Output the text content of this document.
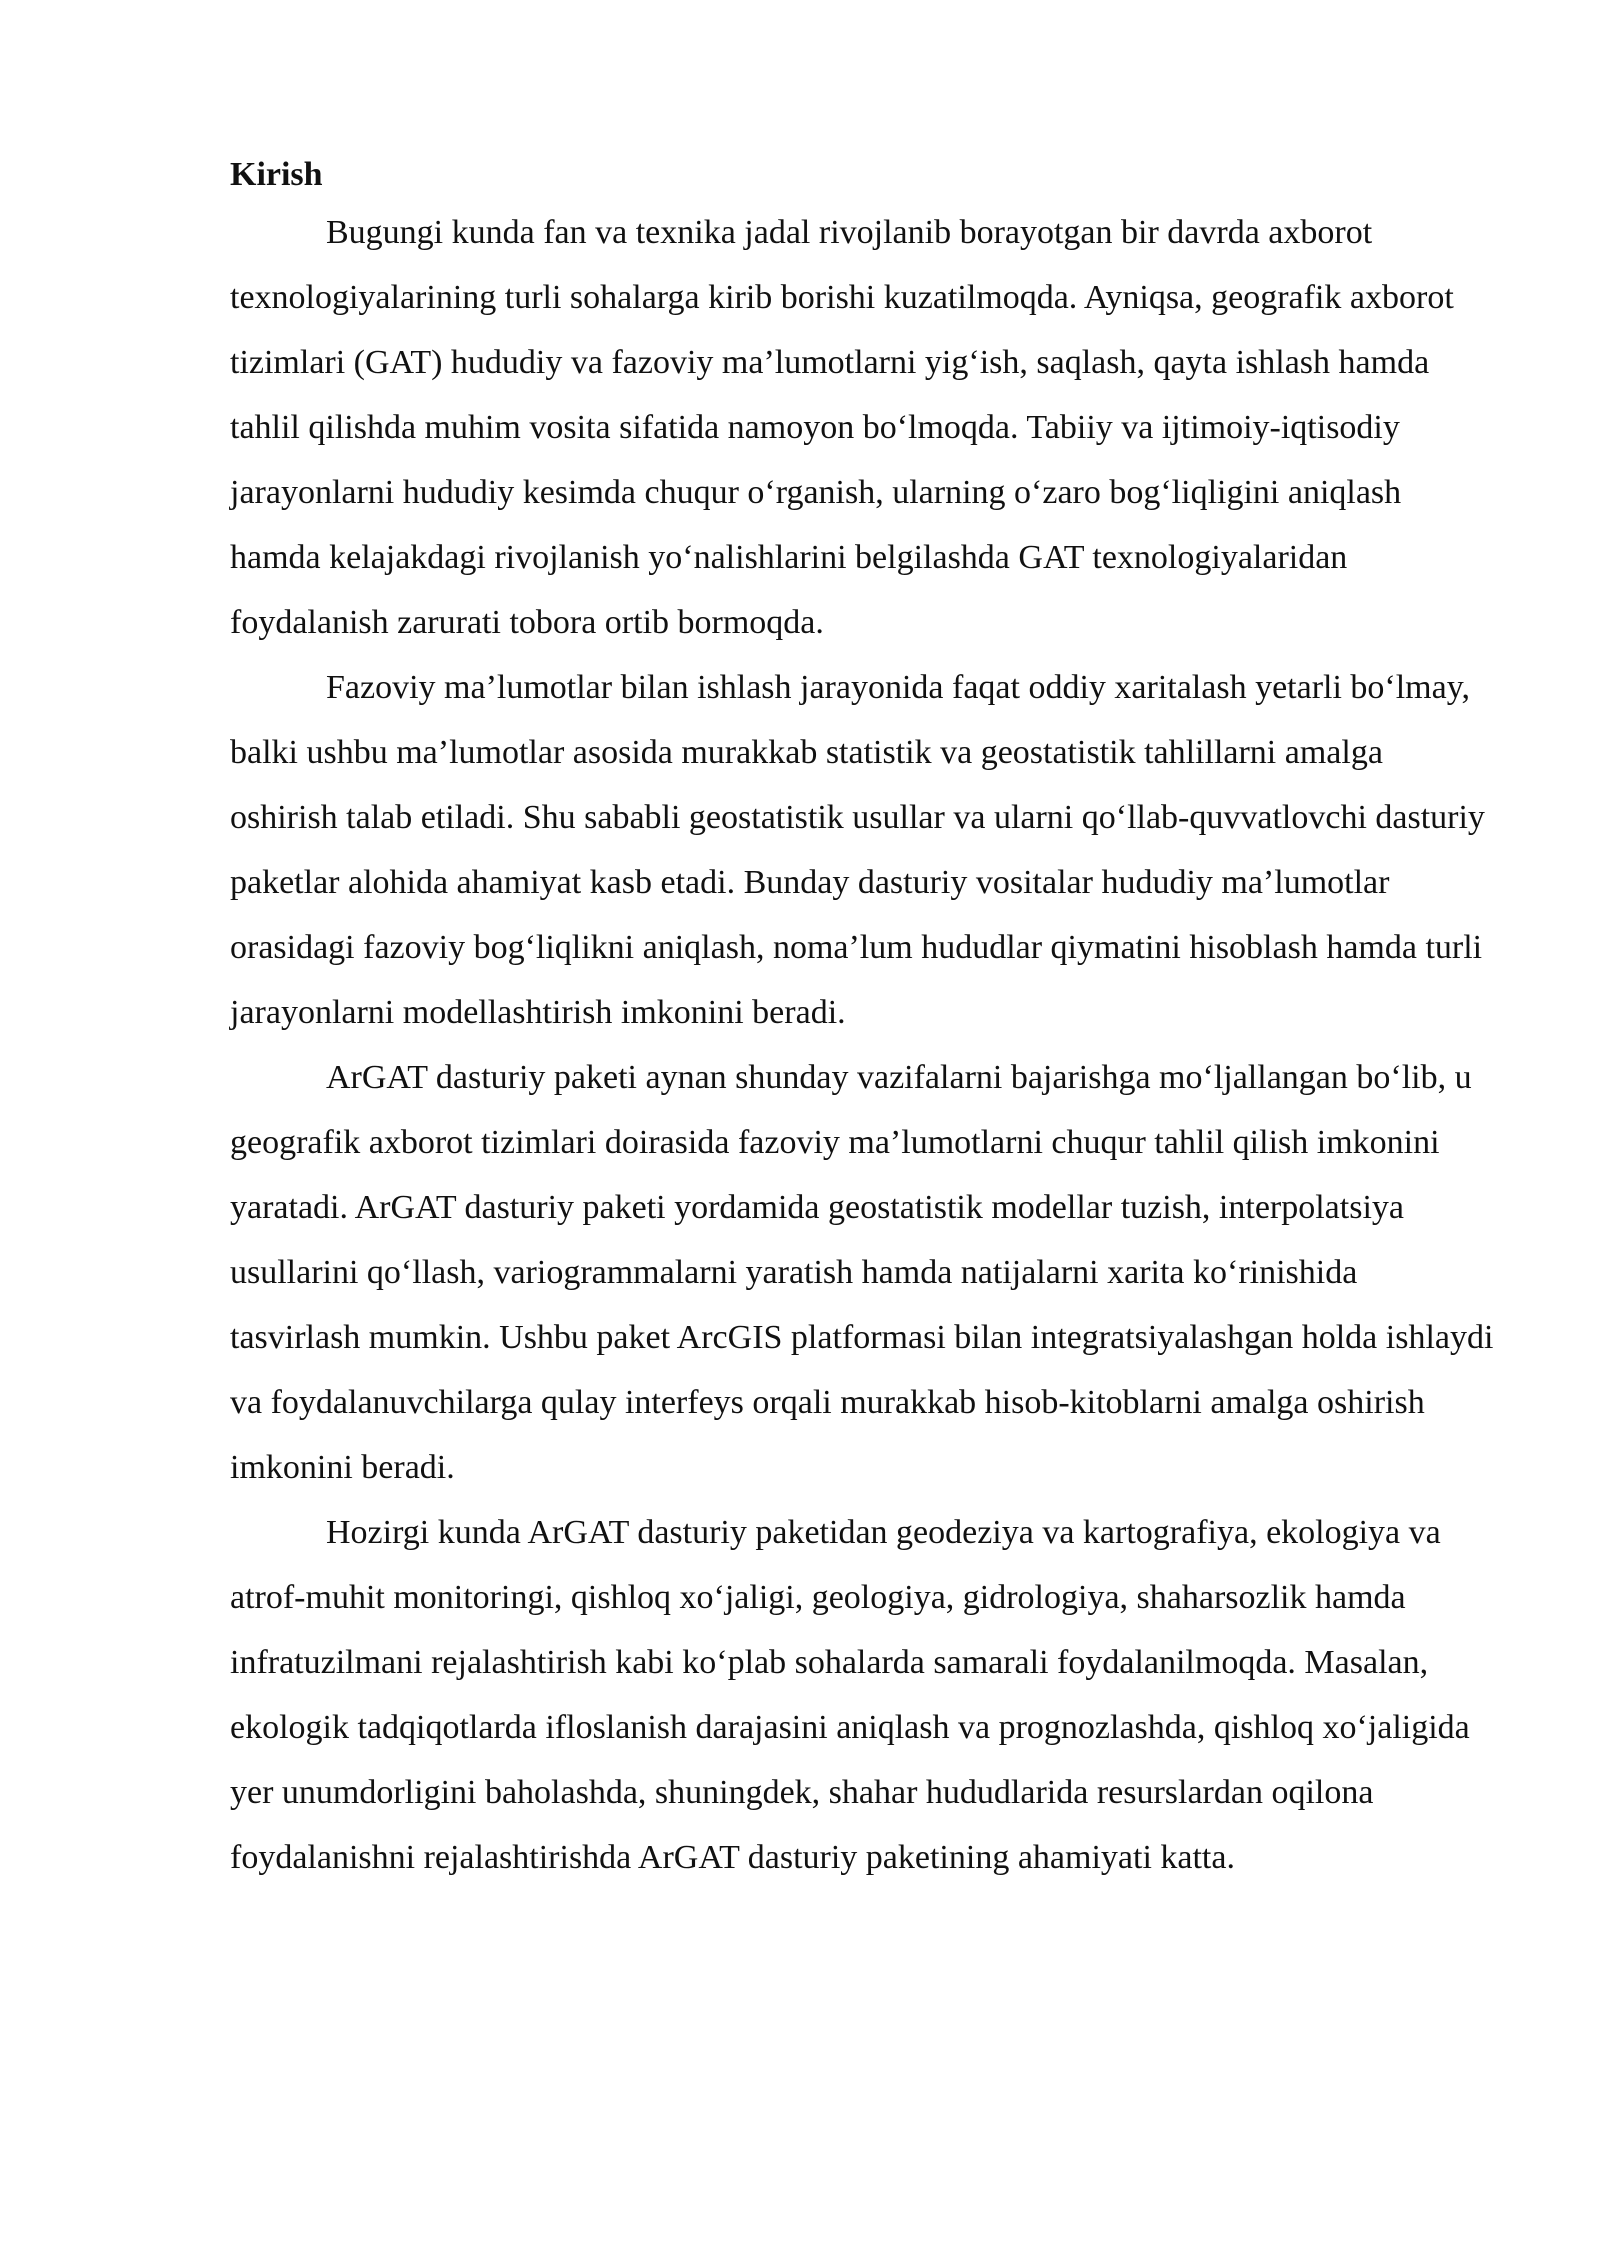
Kirish

Bugungi kunda fan va texnika jadal rivojlanib borayotgan bir davrda axborot texnologiyalarining turli sohalarga kirib borishi kuzatilmoqda. Ayniqsa, geografik axborot tizimlari (GAT) hududiy va fazoviy ma’lumotlarni yig‘ish, saqlash, qayta ishlash hamda tahlil qilishda muhim vosita sifatida namoyon bo‘lmoqda. Tabiiy va ijtimoiy-iqtisodiy jarayonlarni hududiy kesimda chuqur o‘rganish, ularning o‘zaro bog‘liqligini aniqlash hamda kelajakdagi rivojlanish yo‘nalishlarini belgilashda GAT texnologiyalaridan foydalanish zarurati tobora ortib bormoqda.

Fazoviy ma’lumotlar bilan ishlash jarayonida faqat oddiy xaritalash yetarli bo‘lmay, balki ushbu ma’lumotlar asosida murakkab statistik va geostatistik tahlillarni amalga oshirish talab etiladi. Shu sababli geostatistik usullar va ularni qo‘llab-quvvatlovchi dasturiy paketlar alohida ahamiyat kasb etadi. Bunday dasturiy vositalar hududiy ma’lumotlar orasidagi fazoviy bog‘liqlikni aniqlash, noma’lum hududlar qiymatini hisoblash hamda turli jarayonlarni modellashtirish imkonini beradi.

ArGAT dasturiy paketi aynan shunday vazifalarni bajarishga mo‘ljallangan bo‘lib, u geografik axborot tizimlari doirasida fazoviy ma’lumotlarni chuqur tahlil qilish imkonini yaratadi. ArGAT dasturiy paketi yordamida geostatistik modellar tuzish, interpolatsiya usullarini qo‘llash, variogrammalarni yaratish hamda natijalarni xarita ko‘rinishida tasvirlash mumkin. Ushbu paket ArcGIS platformasi bilan integratsiyalashgan holda ishlaydi va foydalanuvchilarga qulay interfeys orqali murakkab hisob-kitoblarni amalga oshirish imkonini beradi.

Hozirgi kunda ArGAT dasturiy paketidan geodeziya va kartografiya, ekologiya va atrof-muhit monitoringi, qishloq xo‘jaligi, geologiya, gidrologiya, shaharsozlik hamda infratuzilmani rejalashtirish kabi ko‘plab sohalarda samarali foydalanilmoqda. Masalan, ekologik tadqiqotlarda ifloslanish darajasini aniqlash va prognozlashda, qishloq xo‘jaligida yer unumdorligini baholashda, shuningdek, shahar hududlarida resurslardan oqilona foydalanishni rejalashtirishda ArGAT dasturiy paketining ahamiyati katta.
